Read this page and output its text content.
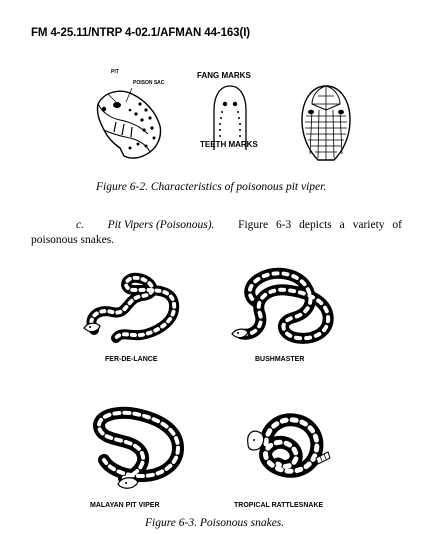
FM 4-25.11/NTRP 4-02.1/AFMAN 44-163(I)
PIT
POISON SAC
FANG MARKS
TEETH MARKS
Figure 6-2. Characteristics of poisonous pit viper.
c. Pit Vipers (Poisonous). Figure 6-3 depicts a variety of
poisonous snakes.
FER-DE-LANCE	BUSHMASTER
MALAYAN PIT VIPER	TROPICAL RATTLESNAKE
Figure 6-3. Poisonous snakes.
